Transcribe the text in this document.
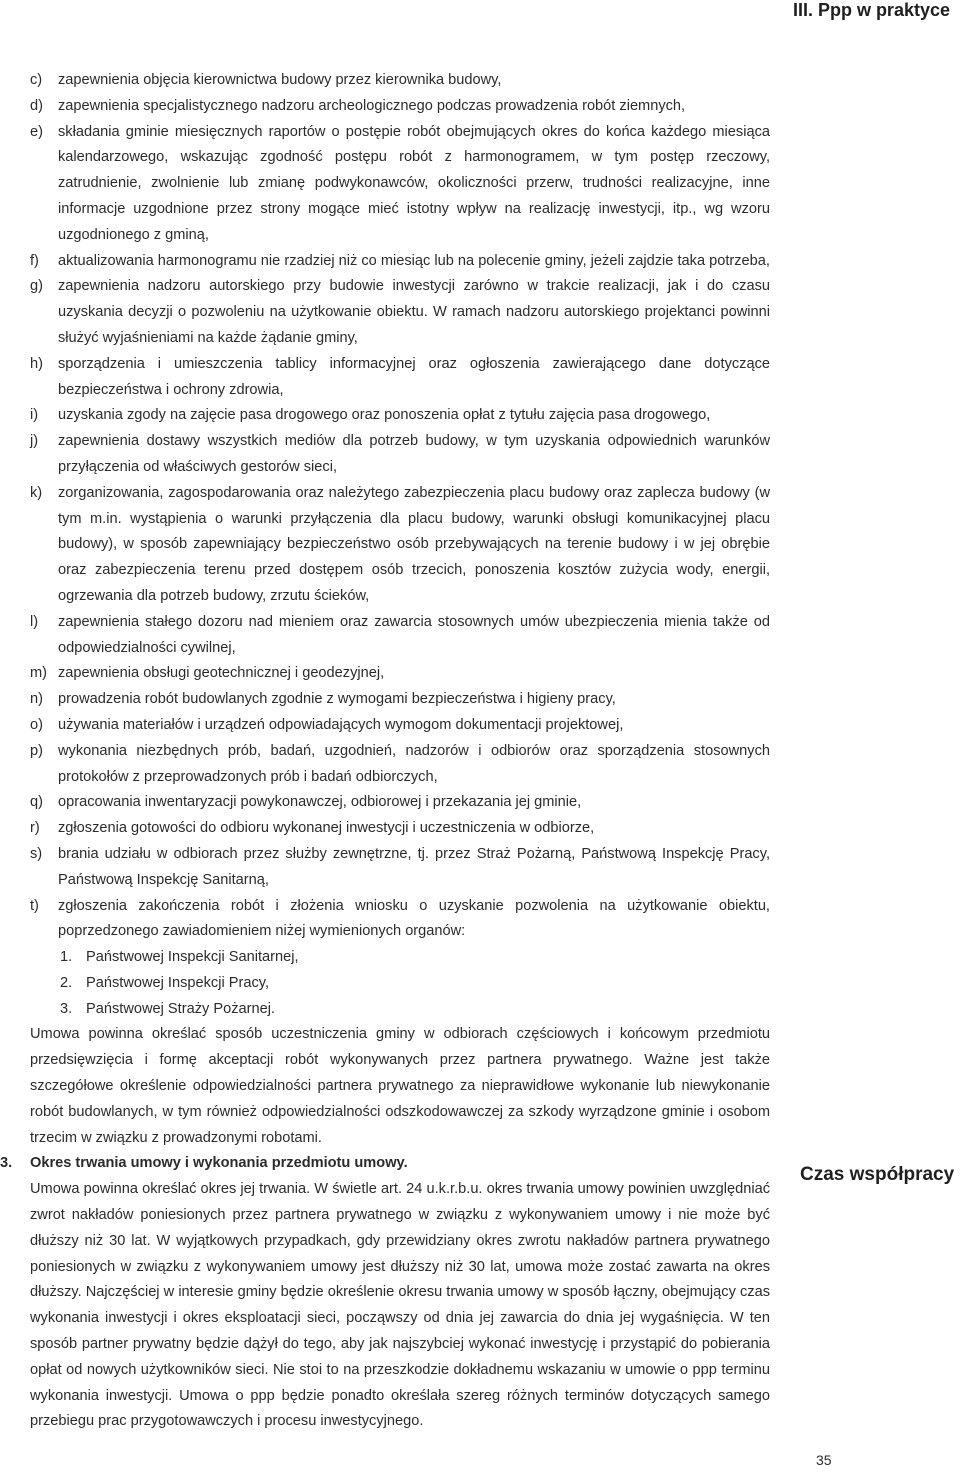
III. Ppp w praktyce
c)	zapewnienia objęcia kierownictwa budowy przez kierownika budowy,
d)	zapewnienia specjalistycznego nadzoru archeologicznego podczas prowadzenia robót ziemnych,
e)	składania gminie miesięcznych raportów o postępie robót obejmujących okres do końca każdego miesiąca kalendarzowego, wskazując zgodność postępu robót z harmonogramem, w tym postęp rzeczowy, zatrudnienie, zwolnienie lub zmianę podwykonawców, okoliczności przerw, trudności realizacyjne, inne informacje uzgodnione przez strony mogące mieć istotny wpływ na realizację inwestycji, itp., wg wzoru uzgodnionego z gminą,
f)	aktualizowania harmonogramu nie rzadziej niż co miesiąc lub na polecenie gminy, jeżeli zajdzie taka potrzeba,
g)	zapewnienia nadzoru autorskiego przy budowie inwestycji zarówno w trakcie realizacji, jak i do czasu uzyskania decyzji o pozwoleniu na użytkowanie obiektu. W ramach nadzoru autorskiego projektanci powinni służyć wyjaśnieniami na każde żądanie gminy,
h)	sporządzenia i umieszczenia tablicy informacyjnej oraz ogłoszenia zawierającego dane dotyczące bezpieczeństwa i ochrony zdrowia,
i)	uzyskania zgody na zajęcie pasa drogowego oraz ponoszenia opłat z tytułu zajęcia pasa drogowego,
j)	zapewnienia dostawy wszystkich mediów dla potrzeb budowy, w tym uzyskania odpowiednich warunków przyłączenia od właściwych gestorów sieci,
k)	zorganizowania, zagospodarowania oraz należytego zabezpieczenia placu budowy oraz zaplecza budowy (w tym m.in. wystąpienia o warunki przyłączenia dla placu budowy, warunki obsługi komunikacyjnej placu budowy), w sposób zapewniający bezpieczeństwo osób przebywających na terenie budowy i w jej obrębie oraz zabezpieczenia terenu przed dostępem osób trzecich, ponoszenia kosztów zużycia wody, energii, ogrzewania dla potrzeb budowy, zrzutu ścieków,
l)	zapewnienia stałego dozoru nad mieniem oraz zawarcia stosownych umów ubezpieczenia mienia także od odpowiedzialności cywilnej,
m) zapewnienia obsługi geotechnicznej i geodezyjnej,
n)	prowadzenia robót budowlanych zgodnie z wymogami bezpieczeństwa i higieny pracy,
o)	używania materiałów i urządzeń odpowiadających wymogom dokumentacji projektowej,
p)	wykonania niezbędnych prób, badań, uzgodnień, nadzorów i odbiorów oraz sporządzenia stosownych protokołów z przeprowadzonych prób i badań odbiorczych,
q)	opracowania inwentaryzacji powykonawczej, odbiorowej i przekazania jej gminie,
r)	zgłoszenia gotowości do odbioru wykonanej inwestycji i uczestniczenia w odbiorze,
s)	brania udziału w odbiorach przez służby zewnętrzne, tj. przez Straż Pożarną, Państwową Inspekcję Pracy, Państwową Inspekcję Sanitarną,
t)	zgłoszenia zakończenia robót i złożenia wniosku o uzyskanie pozwolenia na użytkowanie obiektu, poprzedzonego zawiadomieniem niżej wymienionych organów:
1. Państwowej Inspekcji Sanitarnej,
2. Państwowej Inspekcji Pracy,
3. Państwowej Straży Pożarnej.
Umowa powinna określać sposób uczestniczenia gminy w odbiorach częściowych i końcowym przedmiotu przedsięwzięcia i formę akceptacji robót wykonywanych przez partnera prywatnego. Ważne jest także szczegółowe określenie odpowiedzialności partnera prywatnego za nieprawidłowe wykonanie lub niewykonanie robót budowlanych, w tym również odpowiedzialności odszkodowawczej za szkody wyrządzone gminie i osobom trzecim w związku z prowadzonymi robotami.
3.	Okres trwania umowy i wykonania przedmiotu umowy.
Umowa powinna określać okres jej trwania. W świetle art. 24 u.k.r.b.u. okres trwania umowy powinien uwzględniać zwrot nakładów poniesionych przez partnera prywatnego w związku z wykonywaniem umowy i nie może być dłuższy niż 30 lat. W wyjątkowych przypadkach, gdy przewidziany okres zwrotu nakładów partnera prywatnego poniesionych w związku z wykonywaniem umowy jest dłuższy niż 30 lat, umowa może zostać zawarta na okres dłuższy. Najczęściej w interesie gminy będzie określenie okresu trwania umowy w sposób łączny, obejmujący czas wykonania inwestycji i okres eksploatacji sieci, począwszy od dnia jej zawarcia do dnia jej wygaśnięcia. W ten sposób partner prywatny będzie dążył do tego, aby jak najszybciej wykonać inwestycję i przystąpić do pobierania opłat od nowych użytkowników sieci. Nie stoi to na przeszkodzie dokładnemu wskazaniu w umowie o ppp terminu wykonania inwestycji. Umowa o ppp będzie ponadto określała szereg różnych terminów dotyczących samego przebiegu prac przygotowawczych i procesu inwestycyjnego.
Czas współpracy
35
